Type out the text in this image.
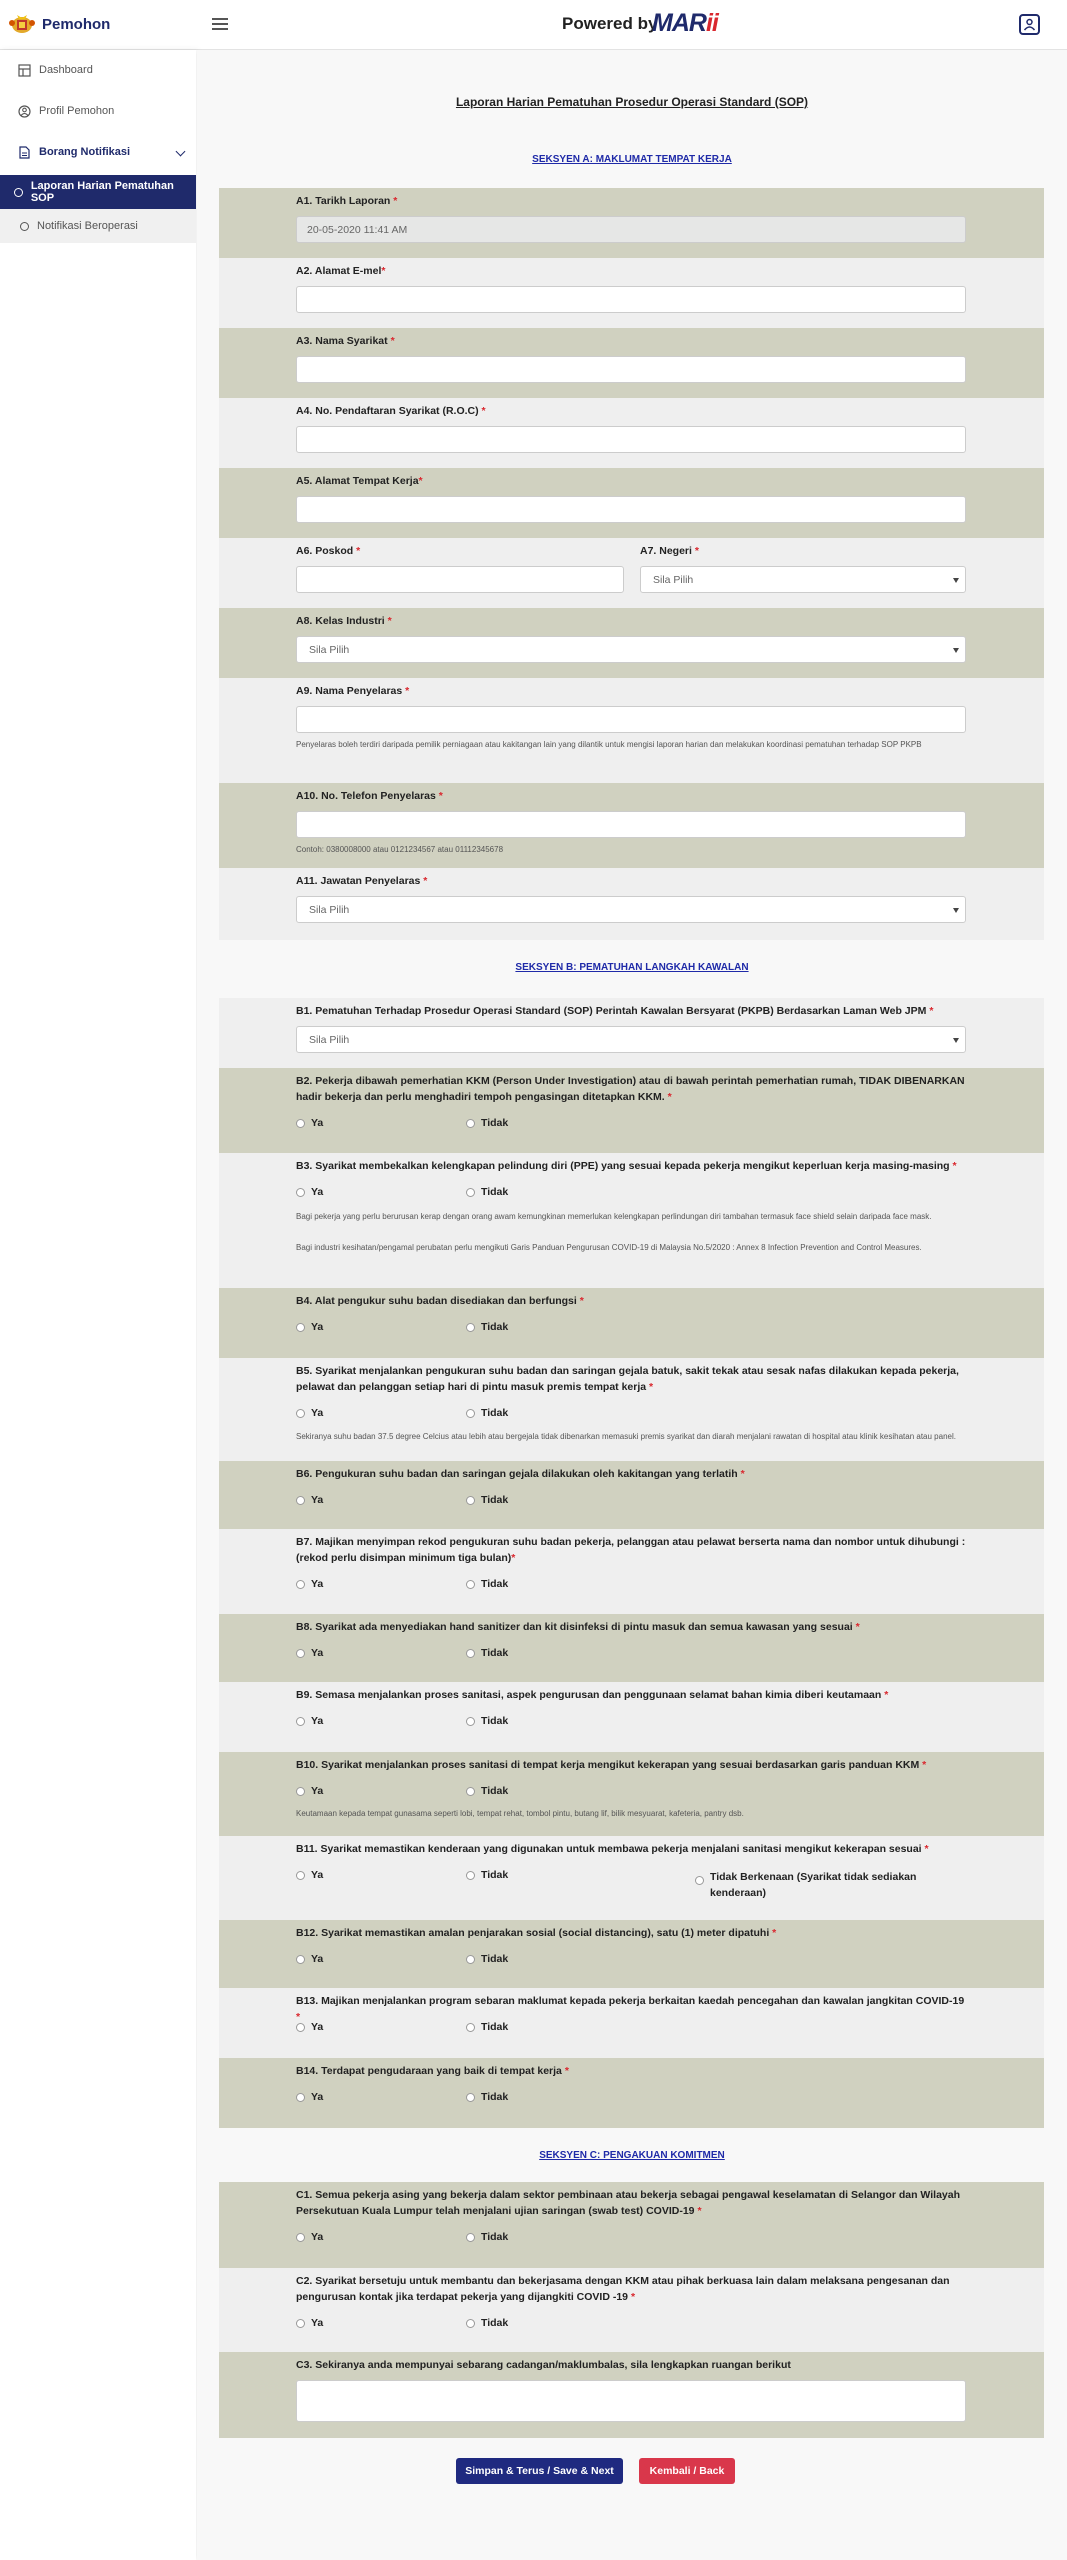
Pemohon	Powered by
MARii
Dashboard
Profil Pemohon
Borang Notifikasi
Laporan Harian Pematuhan SOP
Notifikasi Beroperasi
Laporan Harian Pematuhan Prosedur Operasi Standard (SOP)
SEKSYEN A: MAKLUMAT TEMPAT KERJA
A1. Tarikh Laporan *
20-05-2020 11:41 AM
A2. Alamat E-mel*
A3. Nama Syarikat *
A4. No. Pendaftaran Syarikat (R.O.C) *
A5. Alamat Tempat Kerja*
A6. Poskod *	A7. Negeri *
Sila Pilih
A8. Kelas Industri *
Sila Pilih
A9. Nama Penyelaras *
Penyelaras boleh terdiri daripada pemilik perniagaan atau kakitangan lain yang dilantik untuk mengisi laporan harian dan melakukan koordinasi pematuhan terhadap SOP PKPB
A10. No. Telefon Penyelaras *
Contoh: 0380008000 atau 0121234567 atau 01112345678
A11. Jawatan Penyelaras *
Sila Pilih
SEKSYEN B: PEMATUHAN LANGKAH KAWALAN
B1. Pematuhan Terhadap Prosedur Operasi Standard (SOP) Perintah Kawalan Bersyarat (PKPB) Berdasarkan Laman Web JPM *
Sila Pilih
B2. Pekerja dibawah pemerhatian KKM (Person Under Investigation) atau di bawah perintah pemerhatian rumah, TIDAK DIBENARKAN hadir bekerja dan perlu menghadiri tempoh pengasingan ditetapkan KKM. *
Ya	Tidak
B3. Syarikat membekalkan kelengkapan pelindung diri (PPE) yang sesuai kepada pekerja mengikut keperluan kerja masing-masing *
Ya	Tidak
Bagi pekerja yang perlu berurusan kerap dengan orang awam kemungkinan memerlukan kelengkapan perlindungan diri tambahan termasuk face shield selain daripada face mask.
Bagi industri kesihatan/pengamal perubatan perlu mengikuti Garis Panduan Pengurusan COVID-19 di Malaysia No.5/2020 : Annex 8 Infection Prevention and Control Measures.
B4. Alat pengukur suhu badan disediakan dan berfungsi *
Ya	Tidak
B5. Syarikat menjalankan pengukuran suhu badan dan saringan gejala batuk, sakit tekak atau sesak nafas dilakukan kepada pekerja, pelawat dan pelanggan setiap hari di pintu masuk premis tempat kerja *
Ya	Tidak
Sekiranya suhu badan 37.5 degree Celcius atau lebih atau bergejala tidak dibenarkan memasuki premis syarikat dan diarah menjalani rawatan di hospital atau klinik kesihatan atau panel.
B6. Pengukuran suhu badan dan saringan gejala dilakukan oleh kakitangan yang terlatih *
Ya	Tidak
B7. Majikan menyimpan rekod pengukuran suhu badan pekerja, pelanggan atau pelawat berserta nama dan nombor untuk dihubungi : (rekod perlu disimpan minimum tiga bulan)*
Ya	Tidak
B8. Syarikat ada menyediakan hand sanitizer dan kit disinfeksi di pintu masuk dan semua kawasan yang sesuai *
Ya	Tidak
B9. Semasa menjalankan proses sanitasi, aspek pengurusan dan penggunaan selamat bahan kimia diberi keutamaan *
Ya	Tidak
B10. Syarikat menjalankan proses sanitasi di tempat kerja mengikut kekerapan yang sesuai berdasarkan garis panduan KKM *
Ya	Tidak
Keutamaan kepada tempat gunasama seperti lobi, tempat rehat, tombol pintu, butang lif, bilik mesyuarat, kafeteria, pantry dsb.
B11. Syarikat memastikan kenderaan yang digunakan untuk membawa pekerja menjalani sanitasi mengikut kekerapan sesuai *
Ya	Tidak	Tidak Berkenaan (Syarikat tidak sediakan kenderaan)
B12. Syarikat memastikan amalan penjarakan sosial (social distancing), satu (1) meter dipatuhi *
Ya	Tidak
B13. Majikan menjalankan program sebaran maklumat kepada pekerja berkaitan kaedah pencegahan dan kawalan jangkitan COVID-19 *
Ya	Tidak
B14. Terdapat pengudaraan yang baik di tempat kerja *
Ya	Tidak
SEKSYEN C: PENGAKUAN KOMITMEN
C1. Semua pekerja asing yang bekerja dalam sektor pembinaan atau bekerja sebagai pengawal keselamatan di Selangor dan Wilayah Persekutuan Kuala Lumpur telah menjalani ujian saringan (swab test) COVID-19 *
Ya	Tidak
C2. Syarikat bersetuju untuk membantu dan bekerjasama dengan KKM atau pihak berkuasa lain dalam melaksana pengesanan dan pengurusan kontak jika terdapat pekerja yang dijangkiti COVID -19 *
Ya	Tidak
C3. Sekiranya anda mempunyai sebarang cadangan/maklumbalas, sila lengkapkan ruangan berikut
Simpan & Terus / Save & Next	Kembali / Back
